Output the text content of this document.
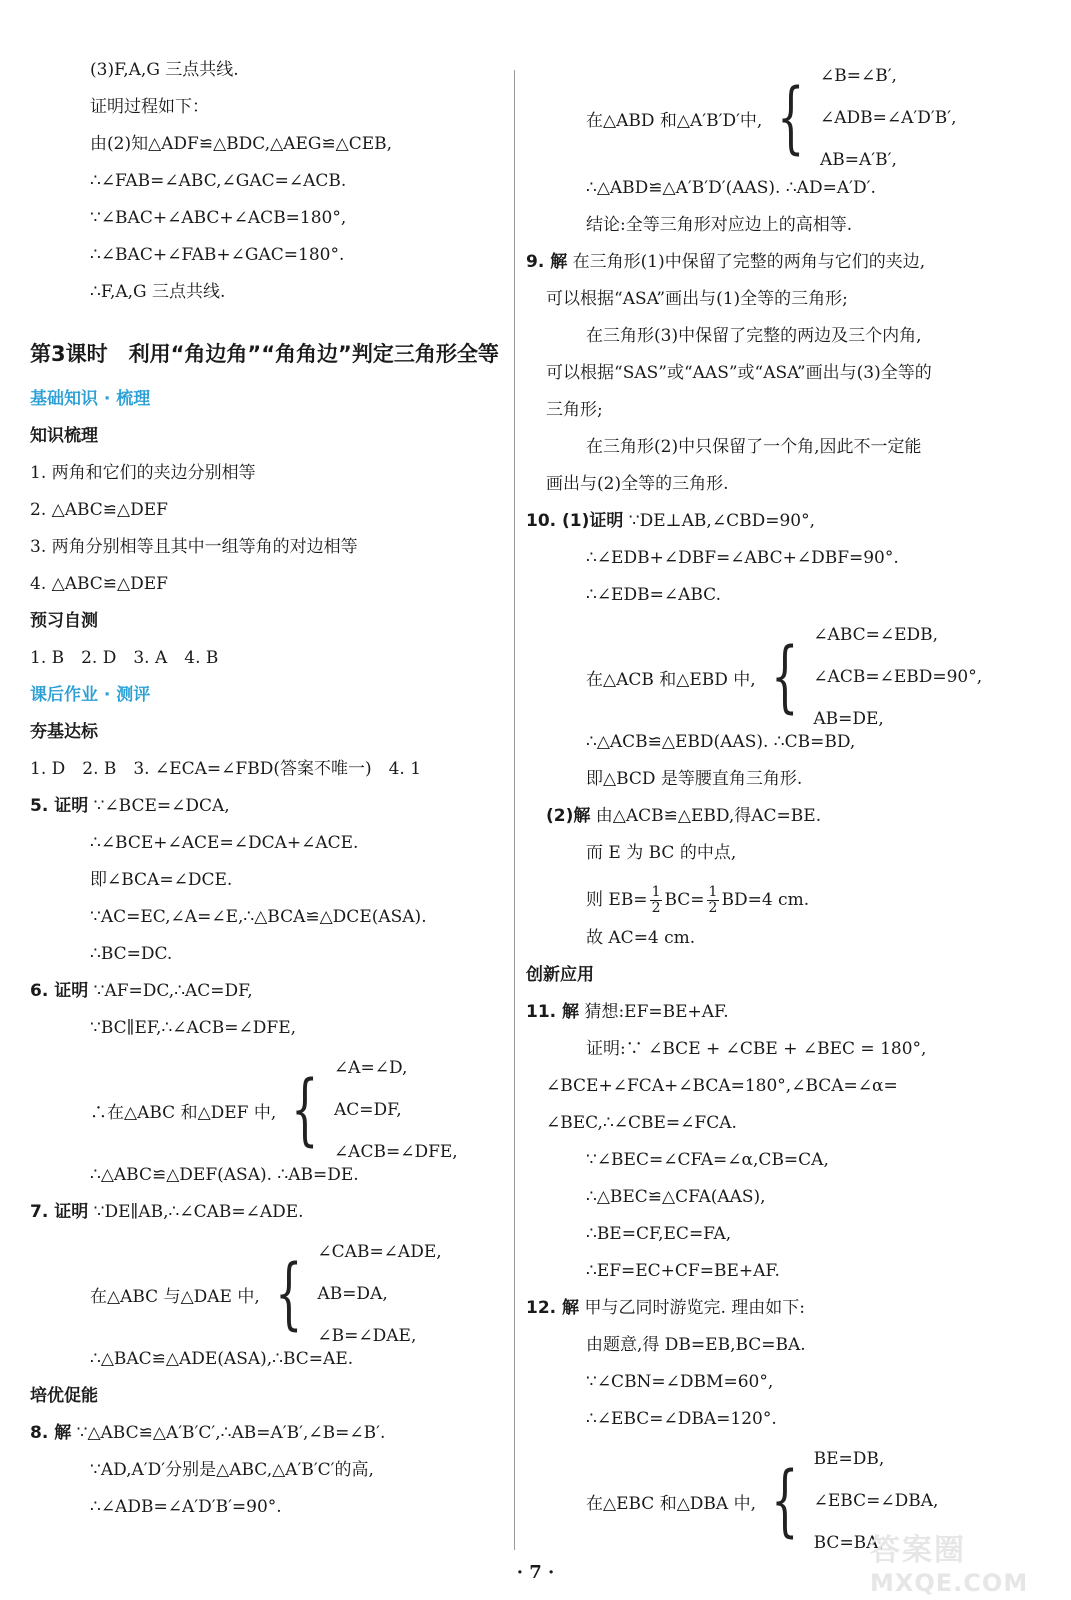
(3)F,A,G 三点共线.
证明过程如下：
由(2)知△ADF≌△BDC,△AEG≌△CEB,
∴∠FAB=∠ABC,∠GAC=∠ACB.
∵∠BAC+∠ABC+∠ACB=180°,
∴∠BAC+∠FAB+∠GAC=180°.
∴F,A,G 三点共线.
第3课时　利用“角边角”“角角边”判定三角形全等
基础知识 · 梳理
知识梳理
1. 两角和它们的夹边分别相等
2. △ABC≌△DEF
3. 两角分别相等且其中一组等角的对边相等
4. △ABC≌△DEF
预习自测
1. B　2. D　3. A　4. B
课后作业 · 测评
夯基达标
1. D　2. B　3. ∠ECA=∠FBD(答案不唯一)　4. 1
5. 证明 ∵∠BCE=∠DCA,
∴∠BCE+∠ACE=∠DCA+∠ACE.
即∠BCA=∠DCE.
∵AC=EC,∠A=∠E,∴△BCA≌△DCE(ASA).
∴BC=DC.
6. 证明 ∵AF=DC,∴AC=DF,
∵BC∥EF,∴∠ACB=∠DFE,
∴在△ABC 和△DEF 中, { ∠A=∠D,
AC=DF,
∠ACB=∠DFE,
∴△ABC≌△DEF(ASA). ∴AB=DE.
7. 证明 ∵DE∥AB,∴∠CAB=∠ADE.
在△ABC 与△DAE 中, { ∠CAB=∠ADE,
AB=DA,
∠B=∠DAE,
∴△BAC≌△ADE(ASA),∴BC=AE.
培优促能
8. 解 ∵△ABC≌△A′B′C′,∴AB=A′B′,∠B=∠B′.
∵AD,A′D′分别是△ABC,△A′B′C′的高,
∴∠ADB=∠A′D′B′=90°.
在△ABD 和△A′B′D′中, { ∠B=∠B′,
∠ADB=∠A′D′B′,
AB=A′B′,
∴△ABD≌△A′B′D′(AAS). ∴AD=A′D′.
结论:全等三角形对应边上的高相等.
9. 解 在三角形(1)中保留了完整的两角与它们的夹边,
可以根据“ASA”画出与(1)全等的三角形;
在三角形(3)中保留了完整的两边及三个内角,
可以根据“SAS”或“AAS”或“ASA”画出与(3)全等的
三角形;
在三角形(2)中只保留了一个角,因此不一定能
画出与(2)全等的三角形.
10. (1)证明 ∵DE⊥AB,∠CBD=90°,
∴∠EDB+∠DBF=∠ABC+∠DBF=90°.
∴∠EDB=∠ABC.
在△ACB 和△EBD 中, { ∠ABC=∠EDB,
∠ACB=∠EBD=90°,
AB=DE,
∴△ACB≌△EBD(AAS). ∴CB=BD,
即△BCD 是等腰直角三角形.
(2)解 由△ACB≌△EBD,得AC=BE.
而 E 为 BC 的中点,
则 $EB= \frac{1}{2} BC= \frac{1}{2} BD=4$ cm.
故 AC=4 cm.
创新应用
11. 解 猜想:EF=BE+AF.
证明:∵ ∠BCE + ∠CBE + ∠BEC = 180°,
∠BCE+∠FCA+∠BCA=180°,∠BCA=∠α=
∠BEC,∴∠CBE=∠FCA.
∵∠BEC=∠CFA=∠α,CB=CA,
∴△BEC≌△CFA(AAS),
∴BE=CF,EC=FA,
∴EF=EC+CF=BE+AF.
12. 解 甲与乙同时游览完. 理由如下:
由题意,得 DB=EB,BC=BA.
∵∠CBN=∠DBM=60°,
∴∠EBC=∠DBA=120°.
在△EBC 和△DBA 中, { BE=DB,
∠EBC=∠DBA,
BC=BA,
答案圈
MXQE.COM
· 7 ·
